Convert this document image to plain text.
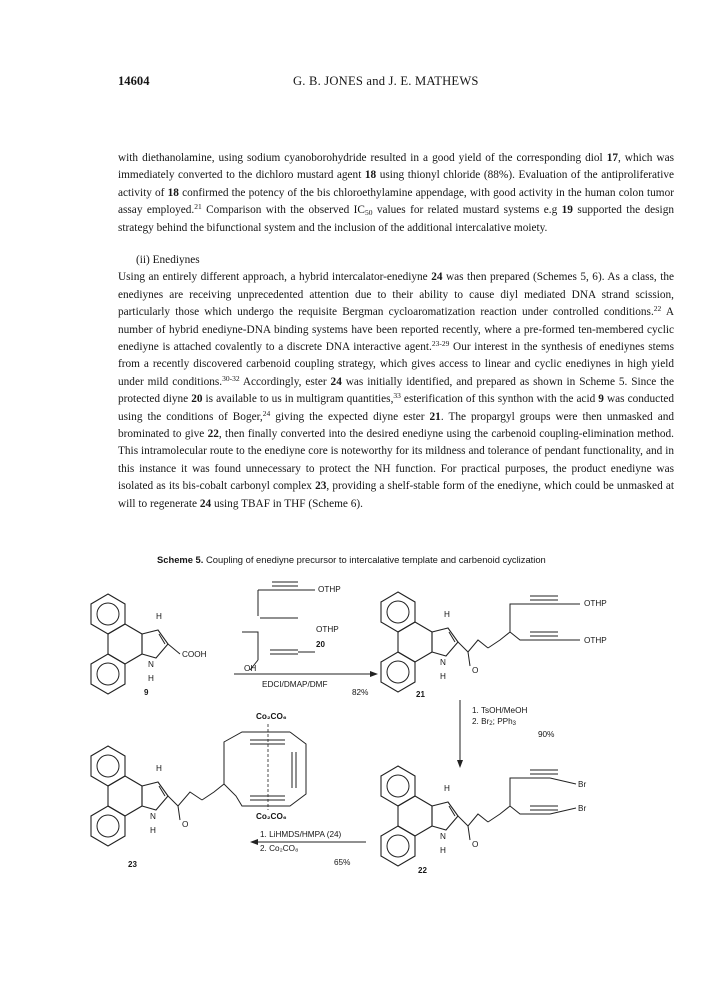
14604	G. B. JONES and J. E. MATHEWS
with diethanolamine, using sodium cyanoborohydride resulted in a good yield of the corresponding diol 17, which was immediately converted to the dichloro mustard agent 18 using thionyl chloride (88%). Evaluation of the antiproliferative activity of 18 confirmed the potency of the bis chloroethylamine appendage, with good activity in the human colon tumor assay employed.$^{21}$ Comparison with the observed $IC_{50}$ values for related mustard systems e.g 19 supported the design strategy behind the bifunctional system and the inclusion of the additional intercalative moiety.
(ii) Enediynes
Using an entirely different approach, a hybrid intercalator-enediyne 24 was then prepared (Schemes 5, 6). As a class, the enediynes are receiving unprecedented attention due to their ability to cause diyl mediated DNA strand scission, particularly those which undergo the requisite Bergman cycloaromatization reaction under controlled conditions.$^{22}$ A number of hybrid enediyne-DNA binding systems have been reported recently, where a pre-formed ten-membered cyclic enediyne is attached covalently to a discrete DNA interactive agent.$^{23-29}$ Our interest in the synthesis of enediynes stems from a recently discovered carbenoid coupling strategy, which gives access to linear and cyclic enediynes in high yield under mild conditions.$^{30-32}$ Accordingly, ester 24 was initially identified, and prepared as shown in Scheme 5. Since the protected diyne 20 is available to us in multigram quantities,$^{33}$ esterification of this synthon with the acid 9 was conducted using the conditions of Boger,$^{24}$ giving the expected diyne ester 21. The propargyl groups were then unmasked and brominated to give 22, then finally converted into the desired enediyne using the carbenoid coupling-elimination method. This intramolecular route to the enediyne core is noteworthy for its mildness and tolerance of pendant functionality, and in this instance it was found unnecessary to protect the NH function. For practical purposes, the product enediyne was isolated as its bis-cobalt carbonyl complex 23, providing a shelf-stable form of the enediyne, which could be unmasked at will to regenerate 24 using TBAF in THF (Scheme 6).
Scheme 5. Coupling of enediyne precursor to intercalative template and carbenoid cyclization
H
COOH
N
H
9
OTHP
OTHP
20
OH
EDCI/DMAP/DMF
82%
H
N
H
O
OTHP
OTHP
21
1. TsOH/MeOH
2. $Br_2$; PPh$_3$
90%
H
N
H
O
Br
Br
22
Co₂CO₆
Co₂CO₆
H
N
H
O
23
1. LiHMDS/HMPA (24)
2. Co₂CO₈
65%
